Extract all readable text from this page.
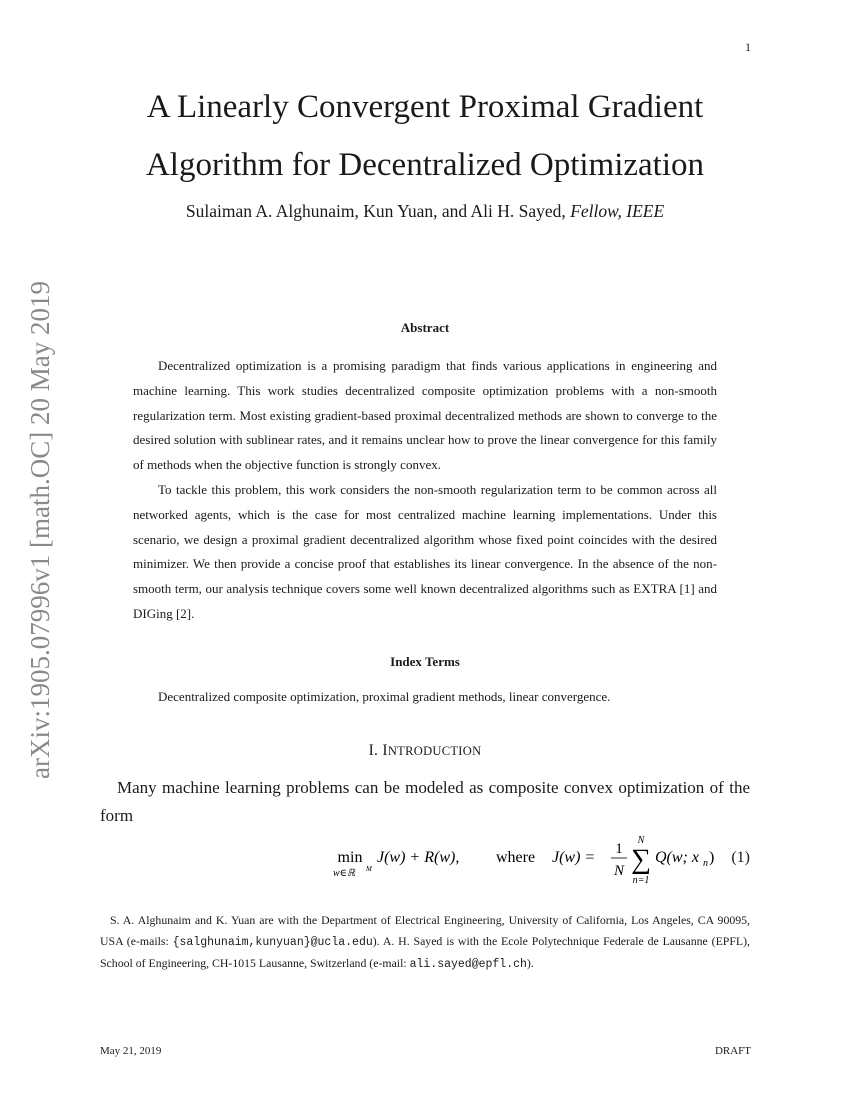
1
arXiv:1905.07996v1 [math.OC] 20 May 2019
A Linearly Convergent Proximal Gradient
Algorithm for Decentralized Optimization
Sulaiman A. Alghunaim, Kun Yuan, and Ali H. Sayed, Fellow, IEEE
Abstract

Decentralized optimization is a promising paradigm that finds various applications in engineering and machine learning. This work studies decentralized composite optimization problems with a non-smooth regularization term. Most existing gradient-based proximal decentralized methods are shown to converge to the desired solution with sublinear rates, and it remains unclear how to prove the linear convergence for this family of methods when the objective function is strongly convex.

To tackle this problem, this work considers the non-smooth regularization term to be common across all networked agents, which is the case for most centralized machine learning implementations. Under this scenario, we design a proximal gradient decentralized algorithm whose fixed point coincides with the desired minimizer. We then provide a concise proof that establishes its linear convergence. In the absence of the non-smooth term, our analysis technique covers some well known decentralized algorithms such as EXTRA [1] and DIGing [2].

Index Terms
Decentralized composite optimization, proximal gradient methods, linear convergence.
I. INTRODUCTION
Many machine learning problems can be modeled as composite convex optimization of the form
min
w∈ℝ M
J(w) + R(w), where J(w) = 1
N
N
∑
n=1
Q(w; x n ) (1)

S. A. Alghunaim and K. Yuan are with the Department of Electrical Engineering, University of California, Los Angeles, CA 90095, USA (e-mails: {salghunaim,kunyuan}@ucla.edu). A. H. Sayed is with the Ecole Polytechnique Federale de Lausanne (EPFL), School of Engineering, CH-1015 Lausanne, Switzerland (e-mail: ali.sayed@epfl.ch).

May 21, 2019	DRAFT
